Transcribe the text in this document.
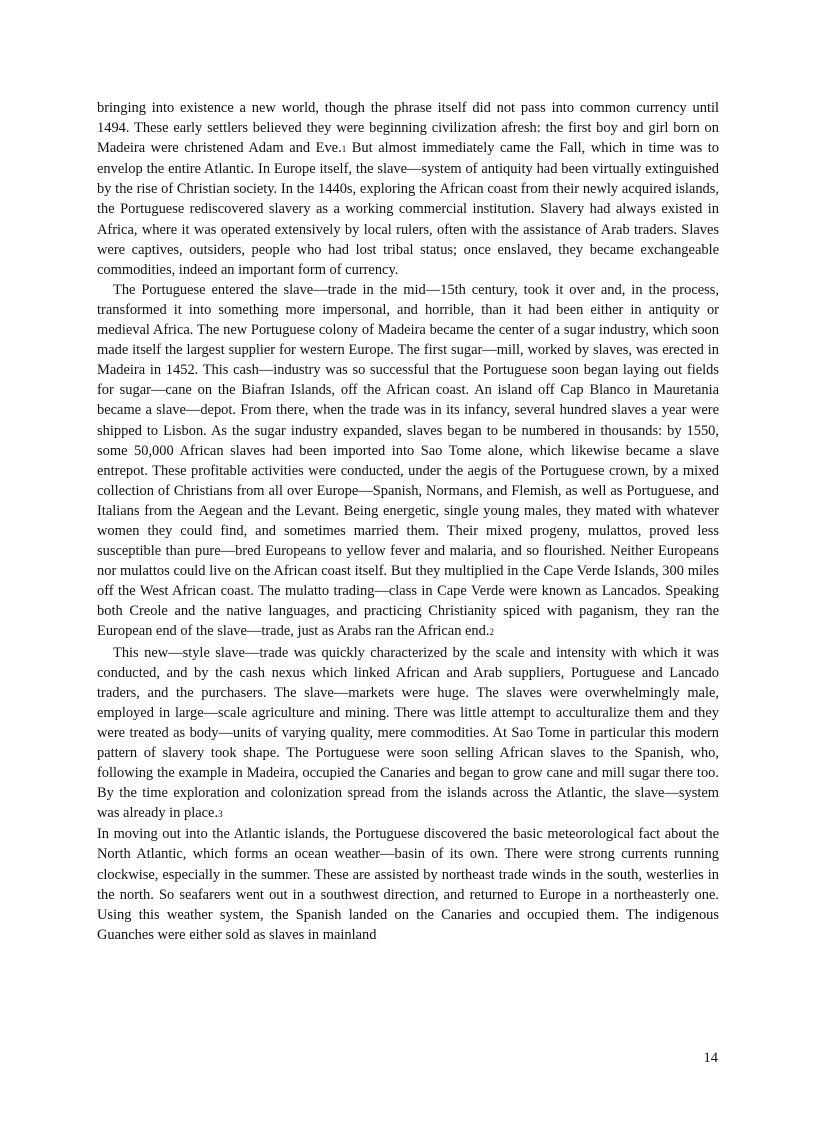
bringing into existence a new world, though the phrase itself did not pass into common currency until 1494. These early settlers believed they were beginning civilization afresh: the first boy and girl born on Madeira were christened Adam and Eve.1 But almost immediately came the Fall, which in time was to envelop the entire Atlantic. In Europe itself, the slave—system of antiquity had been virtually extinguished by the rise of Christian society. In the 1440s, exploring the African coast from their newly acquired islands, the Portuguese rediscovered slavery as a working commercial institution. Slavery had always existed in Africa, where it was operated extensively by local rulers, often with the assistance of Arab traders. Slaves were captives, outsiders, people who had lost tribal status; once enslaved, they became exchangeable commodities, indeed an important form of currency.

The Portuguese entered the slave—trade in the mid—15th century, took it over and, in the process, transformed it into something more impersonal, and horrible, than it had been either in antiquity or medieval Africa. The new Portuguese colony of Madeira became the center of a sugar industry, which soon made itself the largest supplier for western Europe. The first sugar—mill, worked by slaves, was erected in Madeira in 1452. This cash—industry was so successful that the Portuguese soon began laying out fields for sugar—cane on the Biafran Islands, off the African coast. An island off Cap Blanco in Mauretania became a slave—depot. From there, when the trade was in its infancy, several hundred slaves a year were shipped to Lisbon. As the sugar industry expanded, slaves began to be numbered in thousands: by 1550, some 50,000 African slaves had been imported into Sao Tome alone, which likewise became a slave entrepot. These profitable activities were conducted, under the aegis of the Portuguese crown, by a mixed collection of Christians from all over Europe—Spanish, Normans, and Flemish, as well as Portuguese, and Italians from the Aegean and the Levant. Being energetic, single young males, they mated with whatever women they could find, and sometimes married them. Their mixed progeny, mulattos, proved less susceptible than pure—bred Europeans to yellow fever and malaria, and so flourished. Neither Europeans nor mulattos could live on the African coast itself. But they multiplied in the Cape Verde Islands, 300 miles off the West African coast. The mulatto trading—class in Cape Verde were known as Lancados. Speaking both Creole and the native languages, and practicing Christianity spiced with paganism, they ran the European end of the slave—trade, just as Arabs ran the African end.2

This new—style slave—trade was quickly characterized by the scale and intensity with which it was conducted, and by the cash nexus which linked African and Arab suppliers, Portuguese and Lancado traders, and the purchasers. The slave—markets were huge. The slaves were overwhelmingly male, employed in large—scale agriculture and mining. There was little attempt to acculturalize them and they were treated as body—units of varying quality, mere commodities. At Sao Tome in particular this modern pattern of slavery took shape. The Portuguese were soon selling African slaves to the Spanish, who, following the example in Madeira, occupied the Canaries and began to grow cane and mill sugar there too. By the time exploration and colonization spread from the islands across the Atlantic, the slave—system was already in place.3

In moving out into the Atlantic islands, the Portuguese discovered the basic meteorological fact about the North Atlantic, which forms an ocean weather—basin of its own. There were strong currents running clockwise, especially in the summer. These are assisted by northeast trade winds in the south, westerlies in the north. So seafarers went out in a southwest direction, and returned to Europe in a northeasterly one. Using this weather system, the Spanish landed on the Canaries and occupied them. The indigenous Guanches were either sold as slaves in mainland

14
